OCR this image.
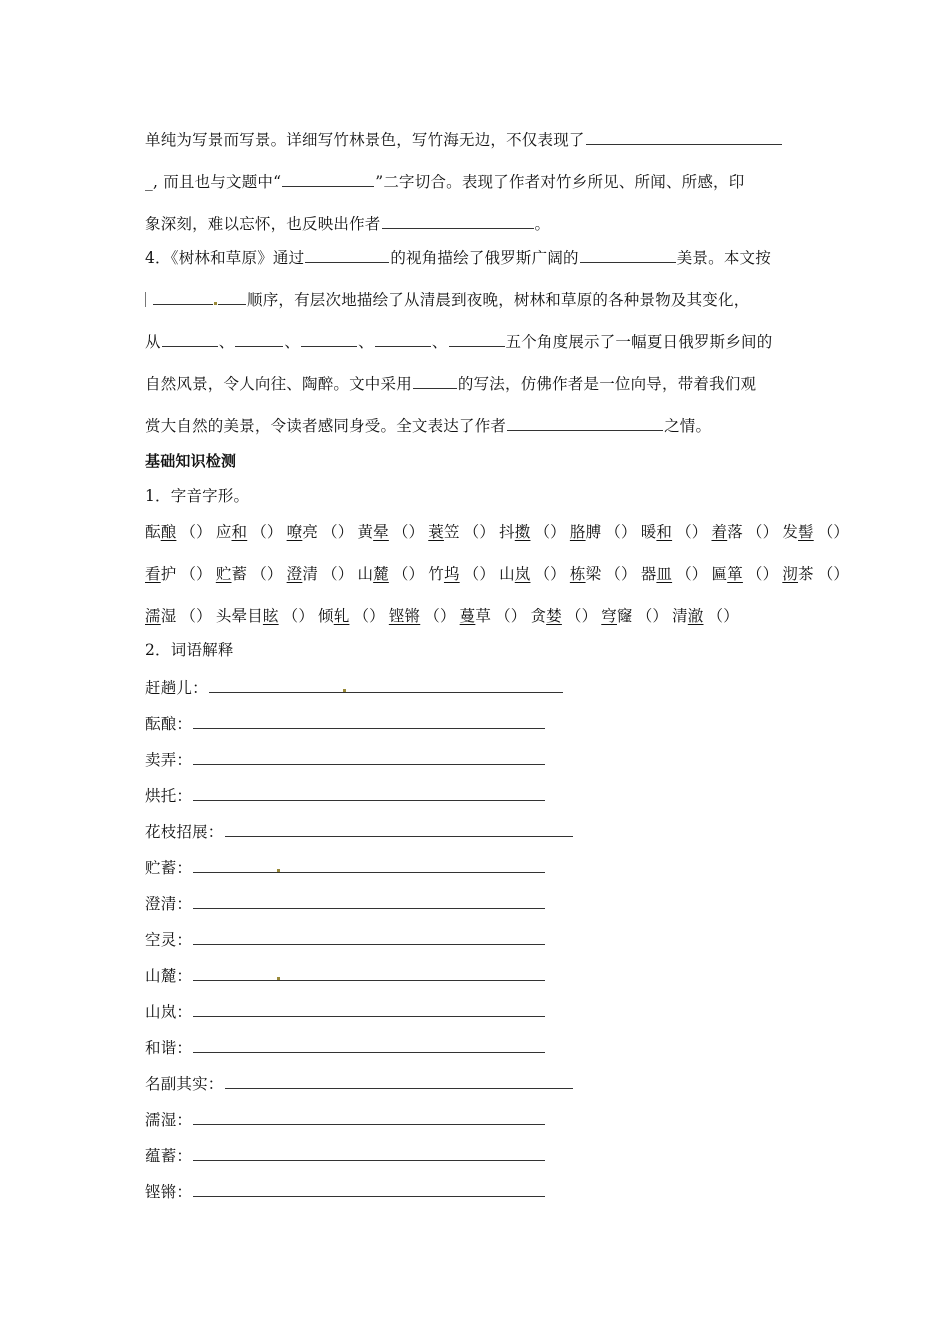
单纯为写景而写景。详细写竹林景色，写竹海无边，不仅表现了
_, 而且也与文题中“	”二字切合。表现了作者对竹乡所见、所闻、所感，印
象深刻，难以忘怀，也反映出作者	。
4．《树林和草原》通过	的视角描绘了俄罗斯广阔的	美景。本文按
顺序，有层次地描绘了从清晨到夜晚，树林和草原的各种景物及其变化，
从	、	、	、	、	五个角度展示了一幅夏日俄罗斯乡间的
自然风景，令人向往、陶醉。文中采用	的写法，仿佛作者是一位向导，带着我们观
赏大自然的美景，令读者感同身受。全文表达了作者	之情。
基础知识检测
1．字音字形。
酝酿 （） 应和 （） 嘹亮 （） 黄晕 （） 蓑笠 （） 抖擞 （） 胳膊 （） 暖和 （） 着落 （） 发髻 （）
看护 （） 贮蓄 （） 澄清 （） 山麓 （） 竹坞 （） 山岚 （） 栋梁 （） 器皿 （） 匾箪 （） 沏茶 （）
濡湿 （） 头晕目眩 （） 倾轧 （） 铿锵 （） 蔓草 （） 贪婪 （） 穹窿 （） 清澈 （）
2．词语解释
赶趟儿：
酝酿：
卖弄：
烘托：
花枝招展：
贮蓄：
澄清：
空灵：
山麓：
山岚：
和谐：
名副其实：
濡湿：
蕴蓄：
铿锵：
